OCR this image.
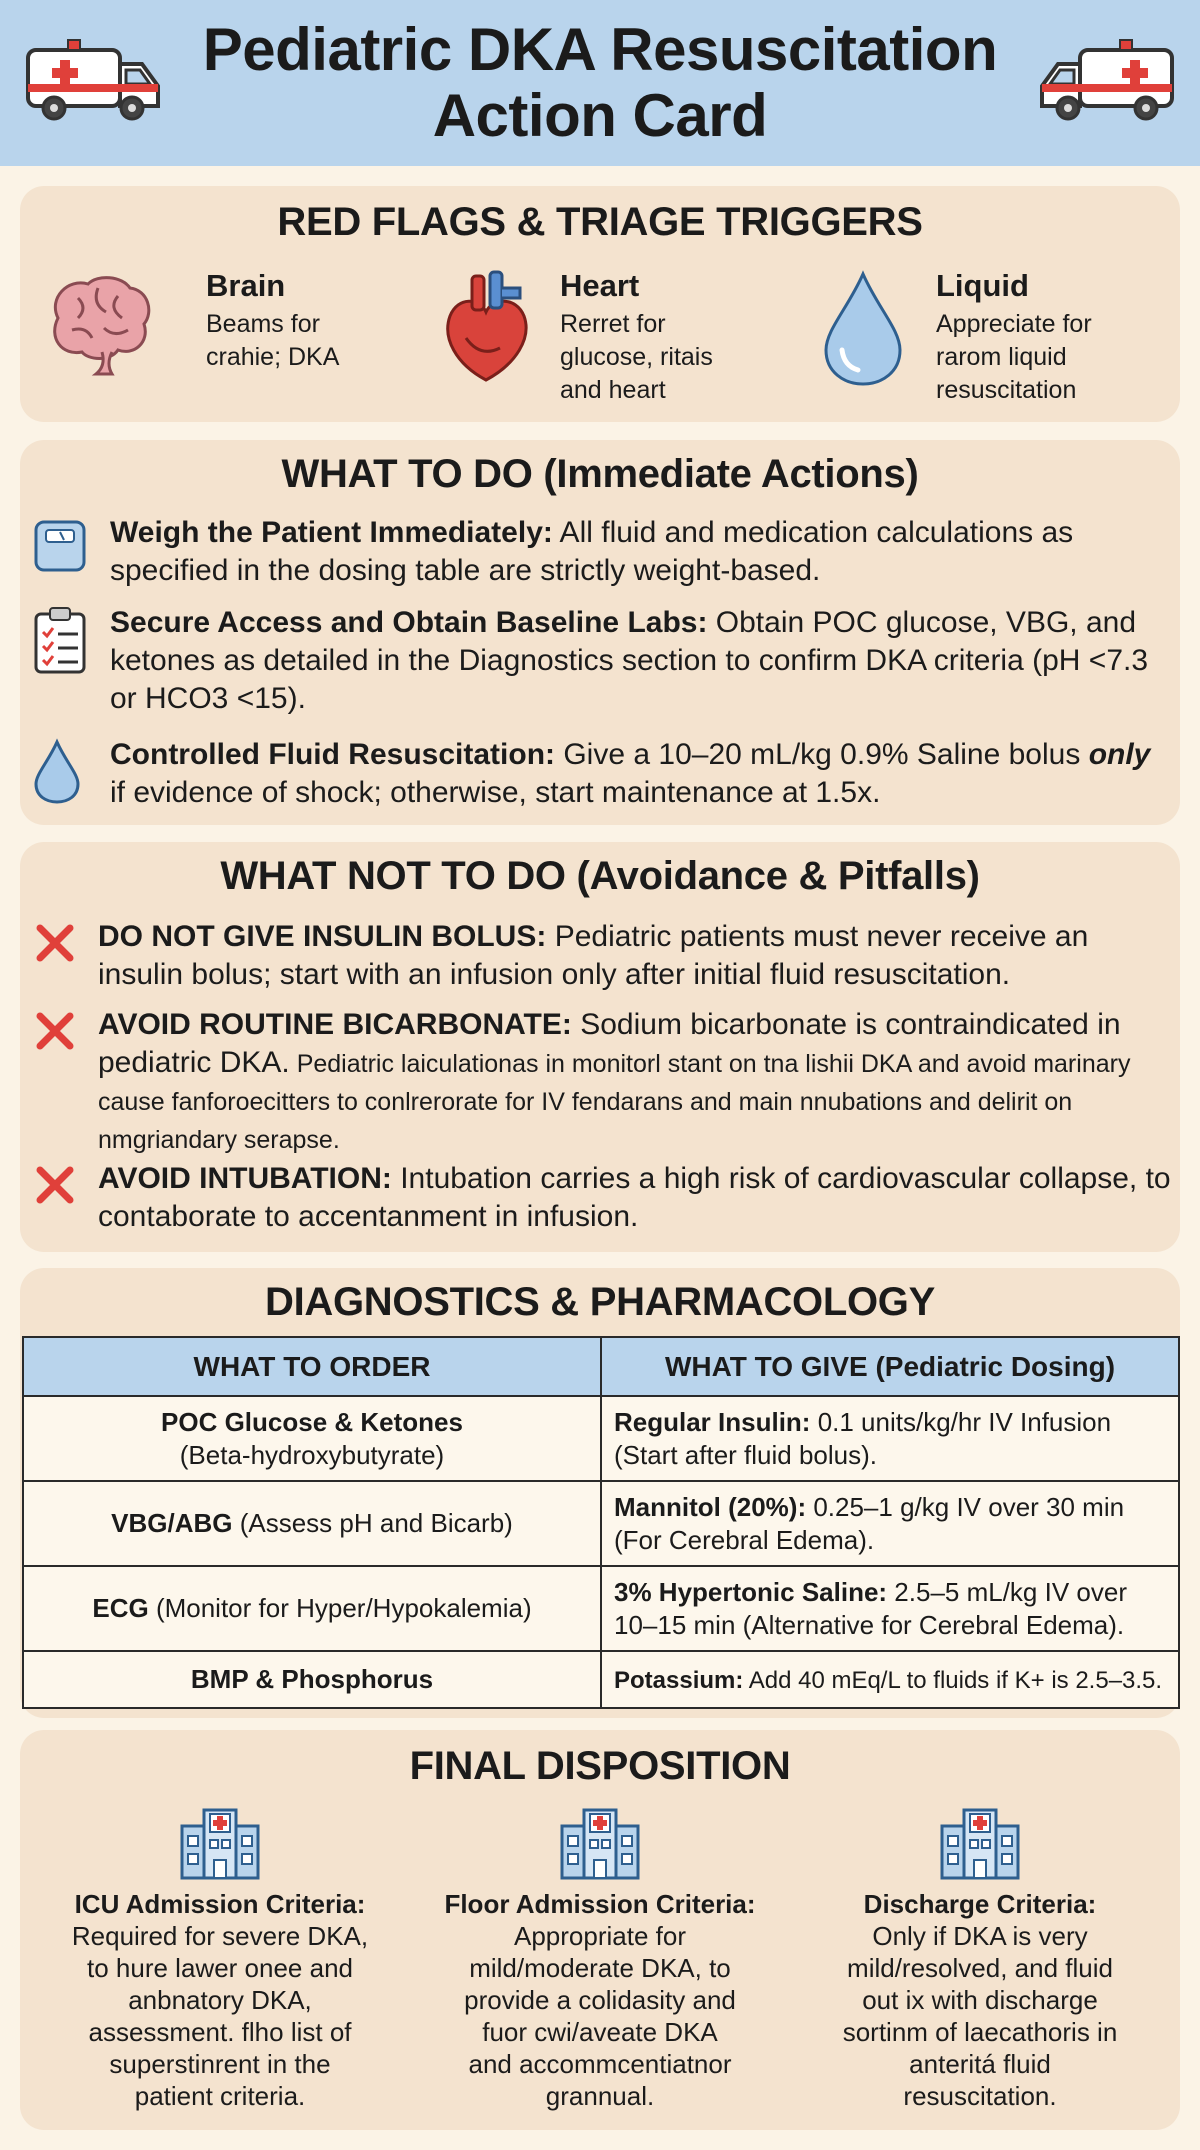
Pediatric DKA Resuscitation
Action Card
RED FLAGS & TRIAGE TRIGGERS
Brain
Beams for
crahie; DKA
Heart
Rerret for
glucose, ritais
and heart
Liquid
Appreciate for
rarom liquid
resuscitation
WHAT TO DO (Immediate Actions)
Weigh the Patient Immediately: All fluid and medication calculations as specified in the dosing table are strictly weight-based.
Secure Access and Obtain Baseline Labs: Obtain POC glucose, VBG, and ketones as detailed in the Diagnostics section to confirm DKA criteria (pH <7.3 or HCO3 <15).
Controlled Fluid Resuscitation: Give a 10–20 mL/kg 0.9% Saline bolus only if evidence of shock; otherwise, start maintenance at 1.5x.
WHAT NOT TO DO (Avoidance & Pitfalls)
DO NOT GIVE INSULIN BOLUS: Pediatric patients must never receive an insulin bolus; start with an infusion only after initial fluid resuscitation.
AVOID ROUTINE BICARBONATE: Sodium bicarbonate is contraindicated in pediatric DKA. Pediatric laiculationas in monitorl stant on tna lishii DKA and avoid marinary cause fanforoecitters to conlrerorate for IV fendarans and main nnubations and delirit on nmgriandary serapse.
AVOID INTUBATION: Intubation carries a high risk of cardiovascular collapse, to contaborate to accentanment in infusion.
DIAGNOSTICS & PHARMACOLOGY
WHAT TO ORDER	WHAT TO GIVE (Pediatric Dosing)
POC Glucose & Ketones
(Beta-hydroxybutyrate)	Regular Insulin: 0.1 units/kg/hr IV Infusion (Start after fluid bolus).
VBG/ABG (Assess pH and Bicarb)	Mannitol (20%): 0.25–1 g/kg IV over 30 min (For Cerebral Edema).
ECG (Monitor for Hyper/Hypokalemia)	3% Hypertonic Saline: 2.5–5 mL/kg IV over 10–15 min (Alternative for Cerebral Edema).
BMP & Phosphorus	Potassium: Add 40 mEq/L to fluids if K+ is 2.5–3.5.
FINAL DISPOSITION
ICU Admission Criteria:
Required for severe DKA,
to hure lawer onee and
anbnatory DKA,
assessment. flho list of
superstinrent in the
patient criteria.
Floor Admission Criteria:
Appropriate for
mild/moderate DKA, to
provide a colidasity and
fuor cwi/aveate DKA
and accommcentiatnor
grannual.
Discharge Criteria:
Only if DKA is very
mild/resolved, and fluid
out ix with discharge
sortinm of laecathoris in
anteritá fluid
resuscitation.
